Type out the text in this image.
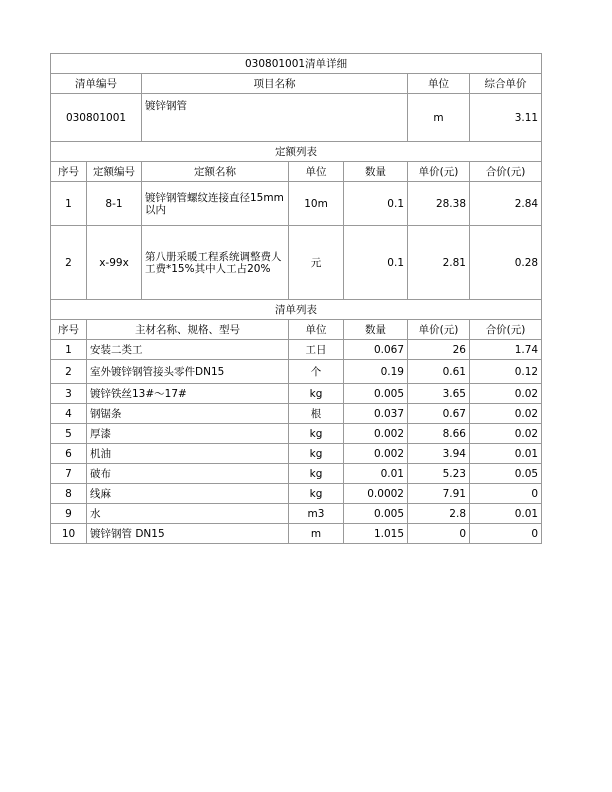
030801001清单详细						
清单编号		项目名称			单位	综合单价
030801001		镀锌钢管			m	3.11
定额列表						
序号	定额编号	定额名称	单位	数量	单价(元)	合价(元)
1	8-1	镀锌钢管螺纹连接直径15mm以内	10m	0.1	28.38	2.84
2	x-99x	第八册采暖工程系统调整费人工费*15%其中人工占20%	元	0.1	2.81	0.28
清单列表						
序号	主材名称、规格、型号		单位	数量	单价(元)	合价(元)
1	安装二类工		工日	0.067	26	1.74
2	室外镀锌钢管接头零件DN15		个	0.19	0.61	0.12
3	镀锌铁丝13#～17#		kg	0.005	3.65	0.02
4	钢锯条		根	0.037	0.67	0.02
5	厚漆		kg	0.002	8.66	0.02
6	机油		kg	0.002	3.94	0.01
7	破布		kg	0.01	5.23	0.05
8	线麻		kg	0.0002	7.91	0
9	水		m3	0.005	2.8	0.01
10	镀锌钢管 DN15		m	1.015	0	0
